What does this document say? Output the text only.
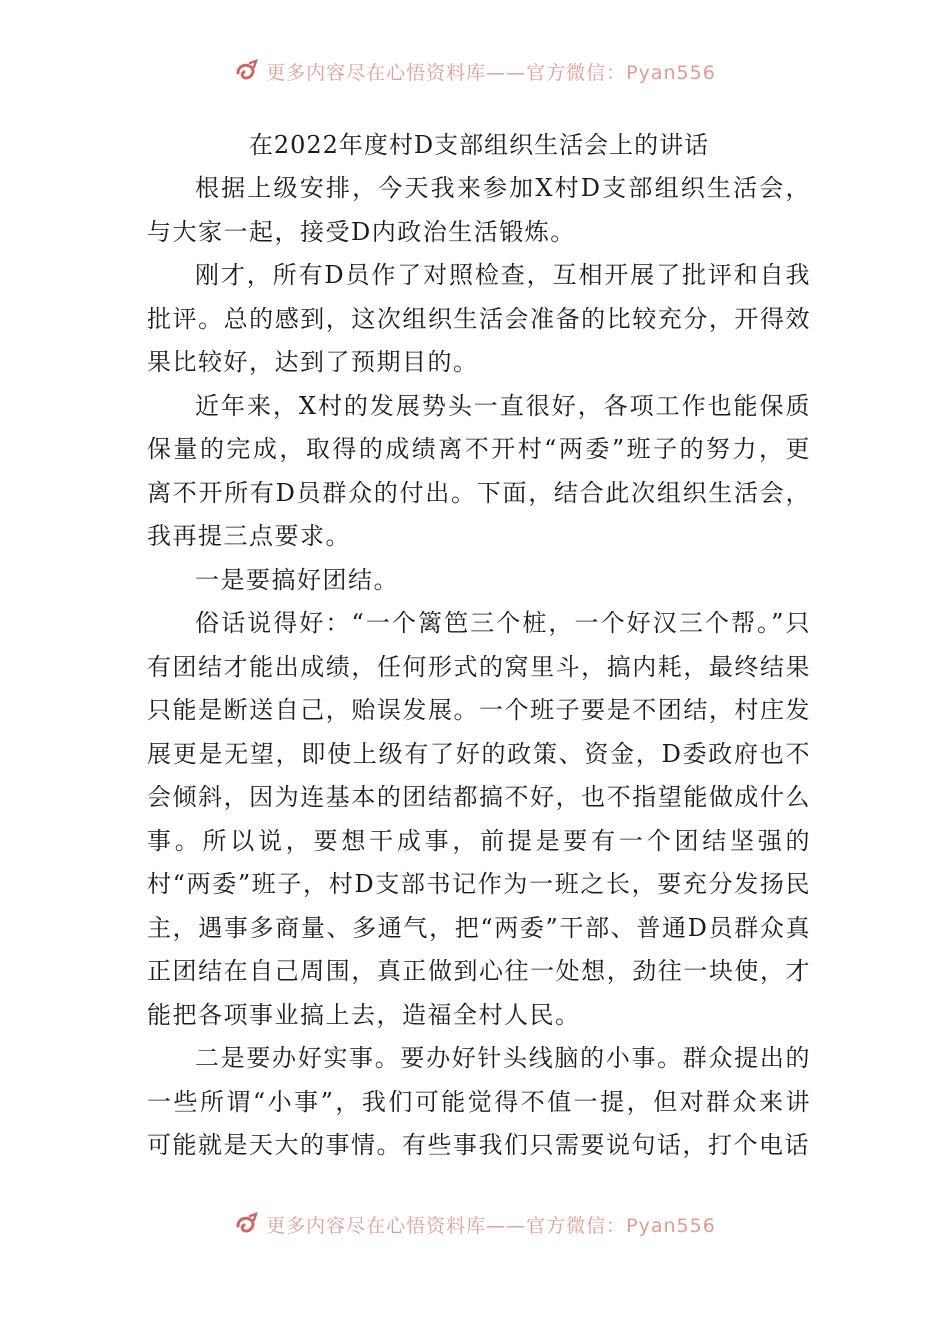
更多内容尽在心悟资料库——官方微信：Pyan556
在2022年度村D支部组织生活会上的讲话

根据上级安排，今天我来参加X村D支部组织生活会，与大家一起，接受D内政治生活锻炼。

刚才，所有D员作了对照检查，互相开展了批评和自我批评。总的感到，这次组织生活会准备的比较充分，开得效果比较好，达到了预期目的。

近年来，X村的发展势头一直很好，各项工作也能保质保量的完成，取得的成绩离不开村“两委”班子的努力，更离不开所有D员群众的付出。下面，结合此次组织生活会，我再提三点要求。

一是要搞好团结。

俗话说得好：“一个篱笆三个桩，一个好汉三个帮。”只有团结才能出成绩，任何形式的窝里斗，搞内耗，最终结果只能是断送自己，贻误发展。一个班子要是不团结，村庄发展更是无望，即使上级有了好的政策、资金，D委政府也不会倾斜，因为连基本的团结都搞不好，也不指望能做成什么事。所以说，要想干成事，前提是要有一个团结坚强的村“两委”班子，村D支部书记作为一班之长，要充分发扬民主，遇事多商量、多通气，把“两委”干部、普通D员群众真正团结在自己周围，真正做到心往一处想，劲往一块使，才能把各项事业搞上去，造福全村人民。

二是要办好实事。要办好针头线脑的小事。群众提出的一些所谓“小事”，我们可能觉得不值一提，但对群众来讲可能就是天大的事情。有些事我们只需要说句话，打个电话

更多内容尽在心悟资料库——官方微信：Pyan556
